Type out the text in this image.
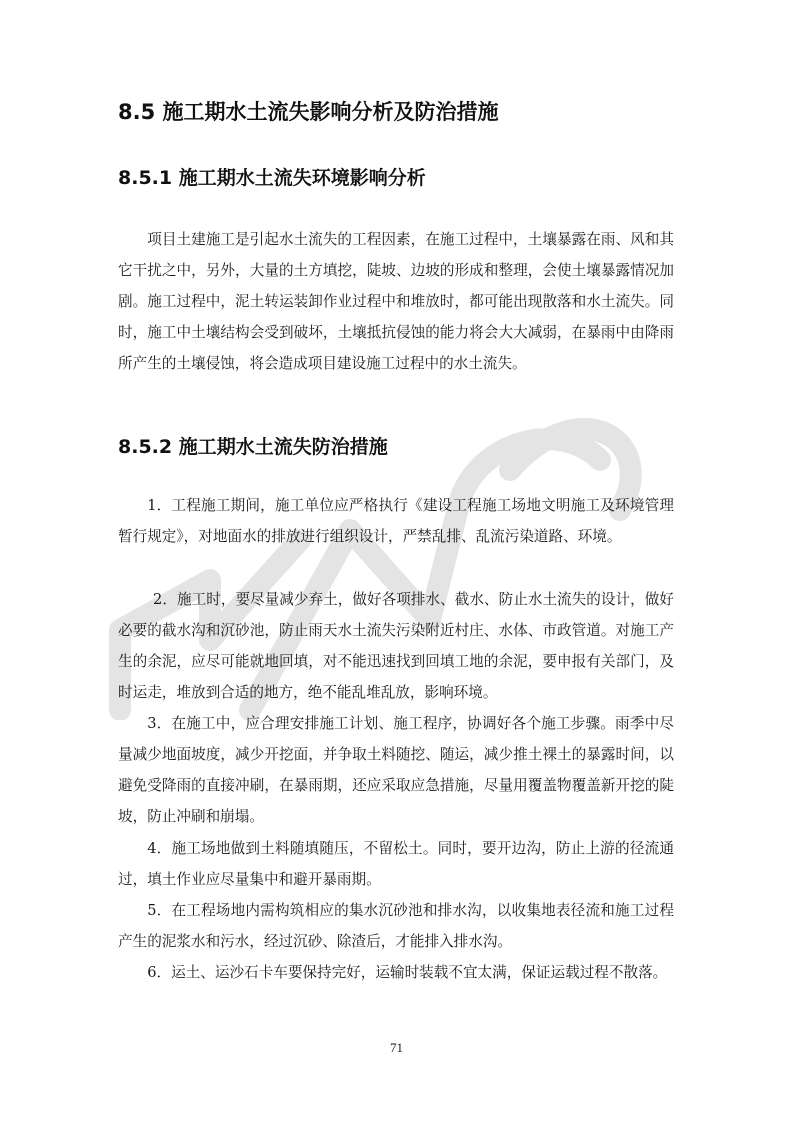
8.5 施工期水土流失影响分析及防治措施
8.5.1 施工期水土流失环境影响分析

项目土建施工是引起水土流失的工程因素，在施工过程中，土壤暴露在雨、风和其它干扰之中，另外，大量的土方填挖，陡坡、边坡的形成和整理，会使土壤暴露情况加剧。施工过程中，泥土转运装卸作业过程中和堆放时，都可能出现散落和水土流失。同时，施工中土壤结构会受到破坏，土壤抵抗侵蚀的能力将会大大减弱，在暴雨中由降雨所产生的土壤侵蚀，将会造成项目建设施工过程中的水土流失。

8.5.2 施工期水土流失防治措施

1．工程施工期间，施工单位应严格执行《建设工程施工场地文明施工及环境管理暂行规定》，对地面水的排放进行组织设计，严禁乱排、乱流污染道路、环境。

2．施工时，要尽量减少弃土，做好各项排水、截水、防止水土流失的设计，做好必要的截水沟和沉砂池，防止雨天水土流失污染附近村庄、水体、市政管道。对施工产生的余泥，应尽可能就地回填，对不能迅速找到回填工地的余泥，要申报有关部门，及时运走，堆放到合适的地方，绝不能乱堆乱放，影响环境。

3．在施工中，应合理安排施工计划、施工程序，协调好各个施工步骤。雨季中尽量减少地面坡度，减少开挖面，并争取土料随挖、随运，减少推土裸土的暴露时间，以避免受降雨的直接冲刷，在暴雨期，还应采取应急措施，尽量用覆盖物覆盖新开挖的陡坡，防止冲刷和崩塌。

4．施工场地做到土料随填随压，不留松土。同时，要开边沟，防止上游的径流通过，填土作业应尽量集中和避开暴雨期。

5．在工程场地内需构筑相应的集水沉砂池和排水沟，以收集地表径流和施工过程产生的泥浆水和污水，经过沉砂、除渣后，才能排入排水沟。

6．运土、运沙石卡车要保持完好，运输时装载不宜太满，保证运载过程不散落。

71
